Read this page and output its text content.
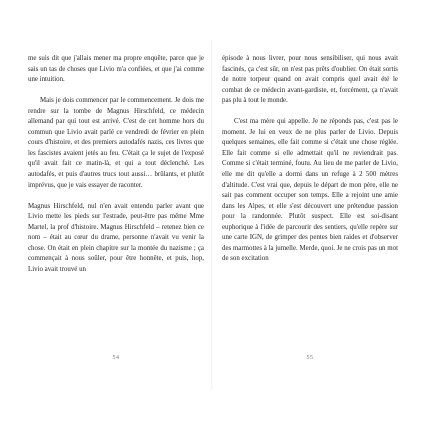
me suis dit que j'allais mener ma propre enquête, parce que je sais un tas de choses que Livio m'a confiées, et que j'ai comme une intuition.

Mais je dois commencer par le commencement. Je dois me rendre sur la tombe de Magnus Hirschfeld, ce médecin allemand par qui tout est arrivé. C'est de cet homme hors du commun que Livio avait parlé ce vendredi de février en plein cours d'histoire, et des premiers autodafés nazis, ces livres que les fascistes avaient jetés au feu. C'était ça le sujet de l'exposé qu'il avait fait ce matin-là, et qui a tout déclenché. Les autodafés, et puis d'autres trucs tout aussi… brûlants, et plutôt imprévus, que je vais essayer de raconter.

Magnus Hirschfeld, nul n'en avait entendu parler avant que Livio mette les pieds sur l'estrade, peut-être pas même Mme Martel, la prof d'histoire. Magnus Hirschfeld – retenez bien ce nom – était au cœur du drame, personne n'avait vu venir la chose. On était en plein chapitre sur la montée du nazisme ; ça commençait à nous soûler, pour être honnête, et puis, hop, Livio avait trouvé un

épisode à nous livrer, pour nous sensibiliser, qui nous avait fascinés, ça c'est sûr, on n'est pas prêts d'oublier. On était sortis de notre torpeur quand on avait compris quel avait été le combat de ce médecin avant-gardiste, et, forcément, ça n'avait pas plu à tout le monde.

C'est ma mère qui appelle. Je ne réponds pas, c'est pas le moment. Je lui en veux de ne plus parler de Livio. Depuis quelques semaines, elle fait comme si c'était une chose réglée. Elle fait comme si elle admettait qu'il ne reviendrait pas. Comme si c'était terminé, foutu. Au lieu de me parler de Livio, elle me dit qu'elle a dormi dans un refuge à 2 500 mètres d'altitude. C'est vrai que, depuis le départ de mon père, elle ne sait pas comment occuper son temps. Elle a rejoint une amie dans les Alpes, et elle s'est découvert une prétendue passion pour la randonnée. Plutôt suspect. Elle est soi-disant euphorique à l'idée de parcourir des sentiers, qu'elle repère sur une carte IGN, de grimper des pentes bien raides et d'observer des marmottes à la jumelle. Merde, quoi. Je ne crois pas un mot de son excitation

54	55
